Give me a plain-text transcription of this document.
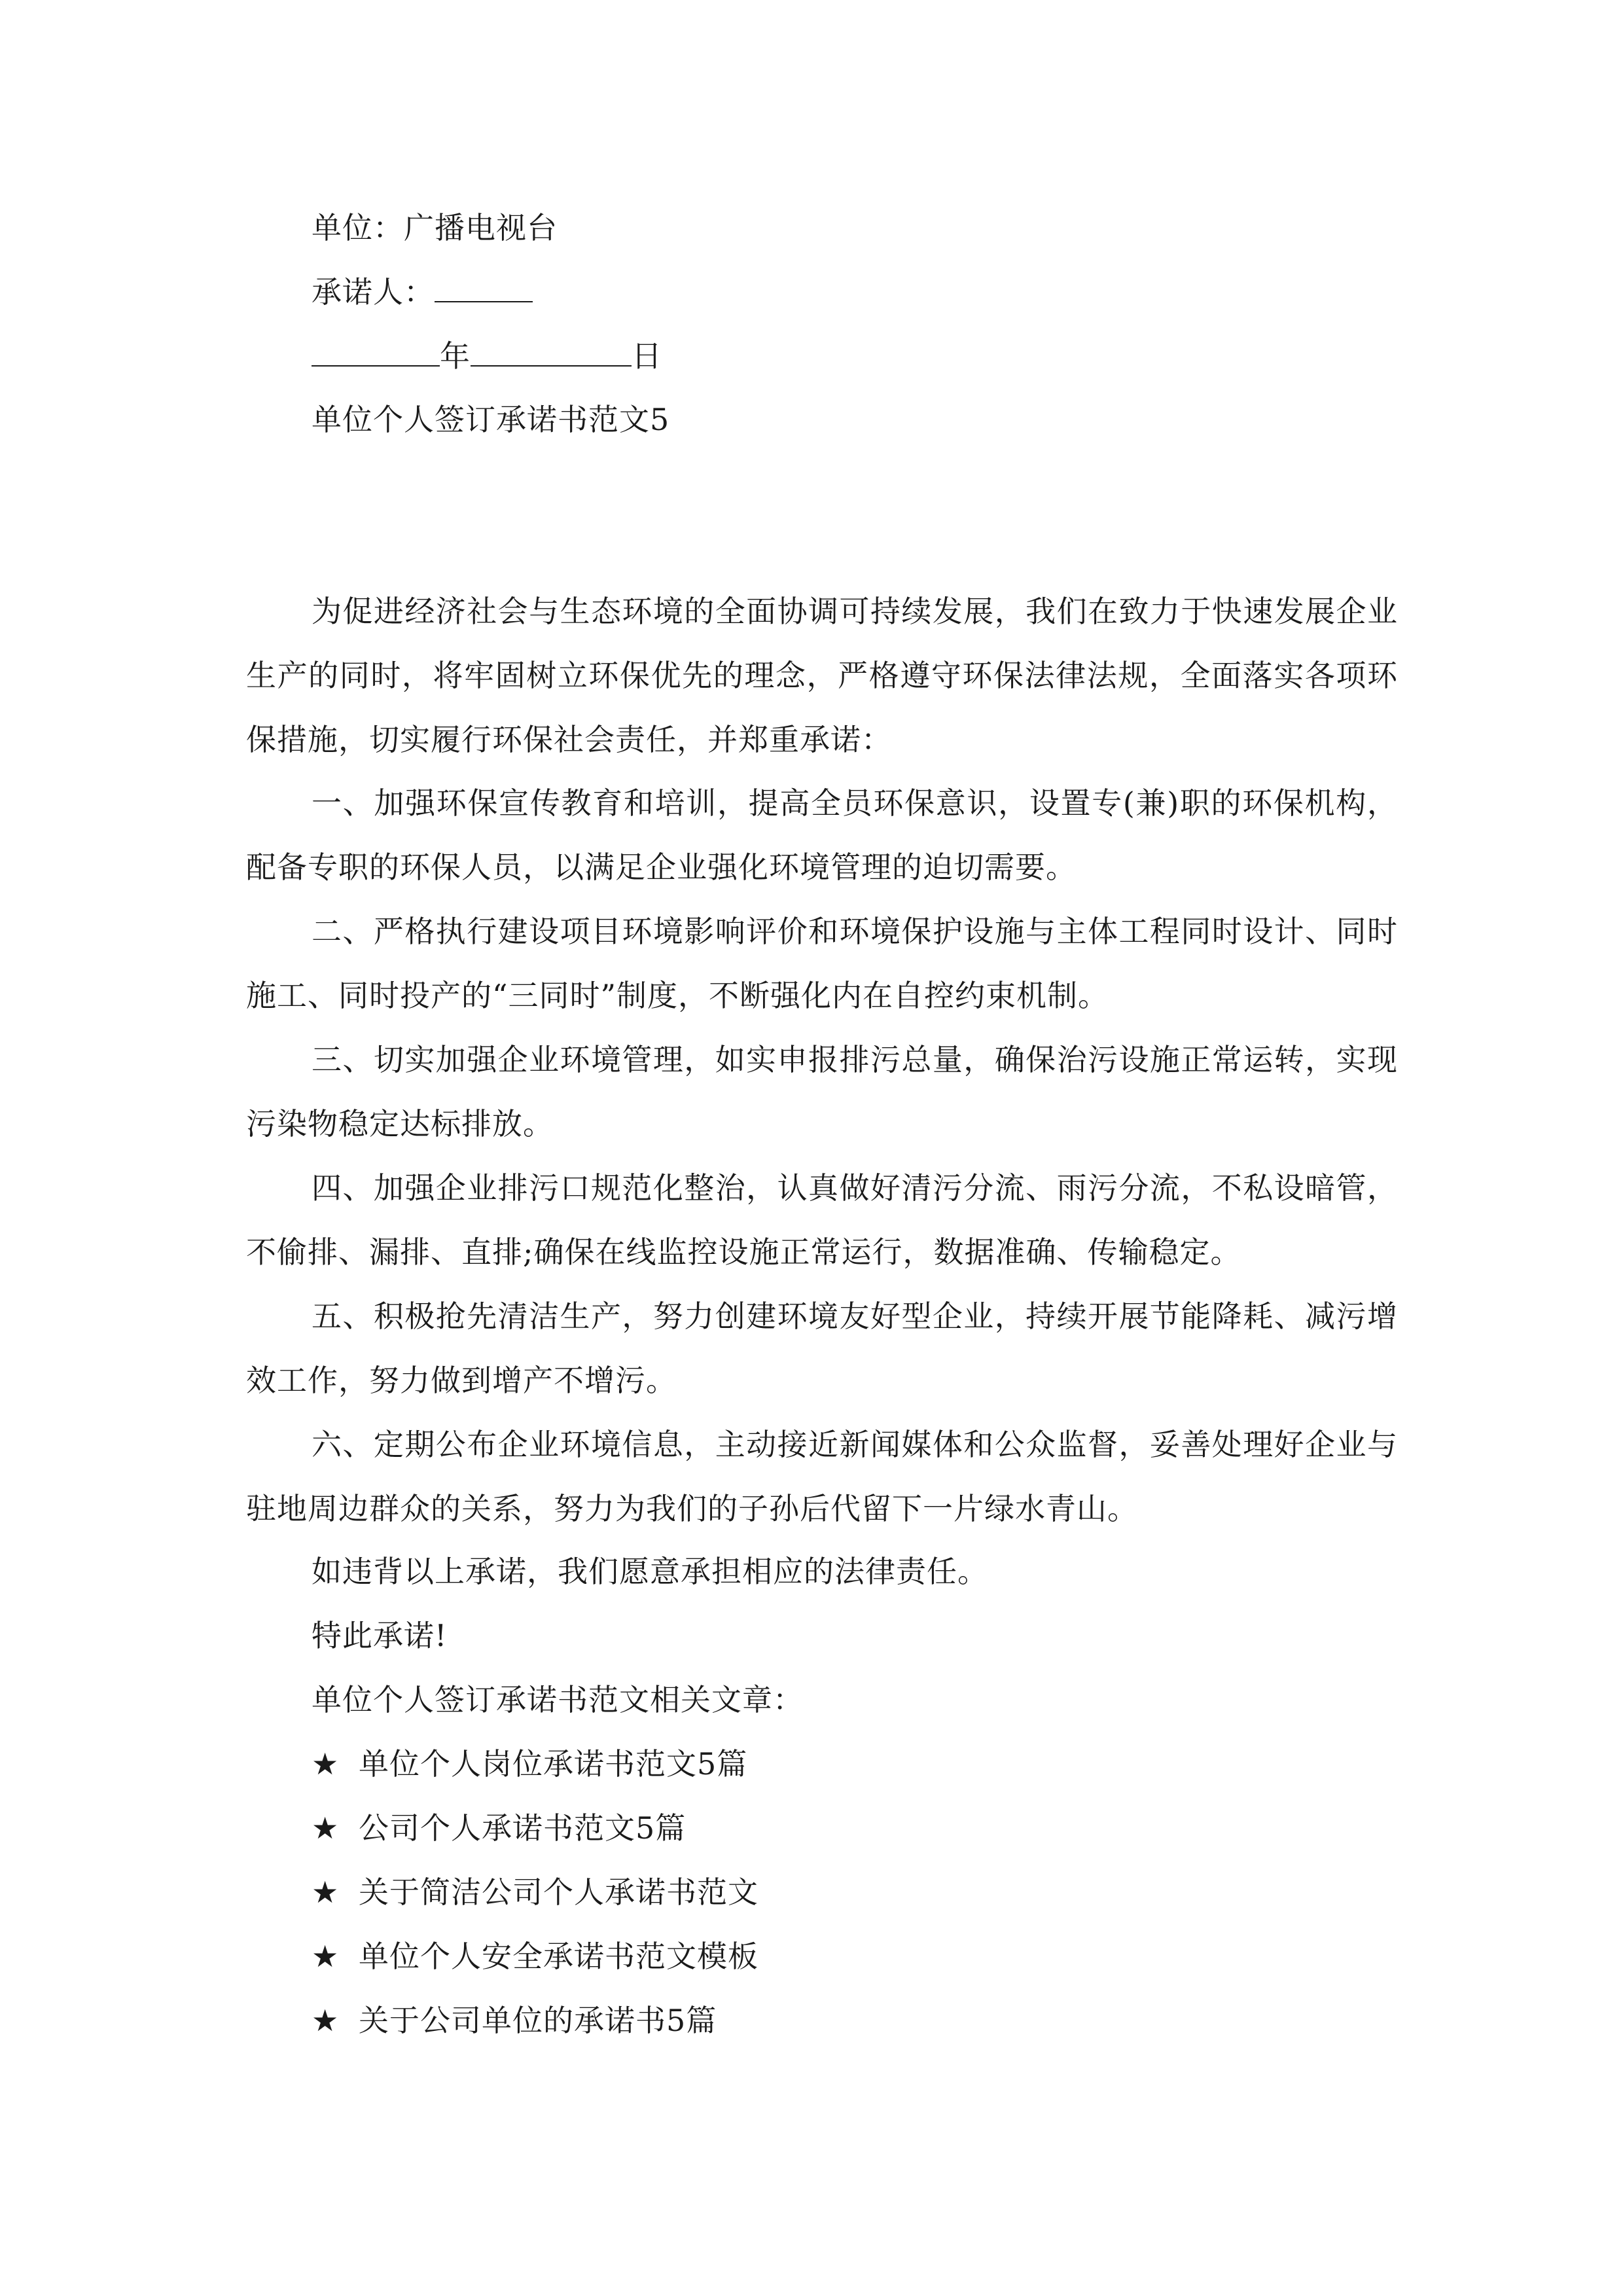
单位：广播电视台
承诺人：
年	日
单位个人签订承诺书范文5
为促进经济社会与生态环境的全面协调可持续发展，我们在致力于快速发展企业生产的同时，将牢固树立环保优先的理念，严格遵守环保法律法规，全面落实各项环保措施，切实履行环保社会责任，并郑重承诺：
一、加强环保宣传教育和培训，提高全员环保意识，设置专(兼)职的环保机构，配备专职的环保人员，以满足企业强化环境管理的迫切需要。
二、严格执行建设项目环境影响评价和环境保护设施与主体工程同时设计、同时施工、同时投产的“三同时”制度，不断强化内在自控约束机制。
三、切实加强企业环境管理，如实申报排污总量，确保治污设施正常运转，实现污染物稳定达标排放。
四、加强企业排污口规范化整治，认真做好清污分流、雨污分流，不私设暗管，不偷排、漏排、直排;确保在线监控设施正常运行，数据准确、传输稳定。
五、积极抢先清洁生产，努力创建环境友好型企业，持续开展节能降耗、减污增效工作，努力做到增产不增污。
六、定期公布企业环境信息，主动接近新闻媒体和公众监督，妥善处理好企业与驻地周边群众的关系，努力为我们的子孙后代留下一片绿水青山。
如违背以上承诺，我们愿意承担相应的法律责任。
特此承诺!
单位个人签订承诺书范文相关文章：
★ 单位个人岗位承诺书范文5篇
★ 公司个人承诺书范文5篇
★ 关于简洁公司个人承诺书范文
★ 单位个人安全承诺书范文模板
★ 关于公司单位的承诺书5篇
